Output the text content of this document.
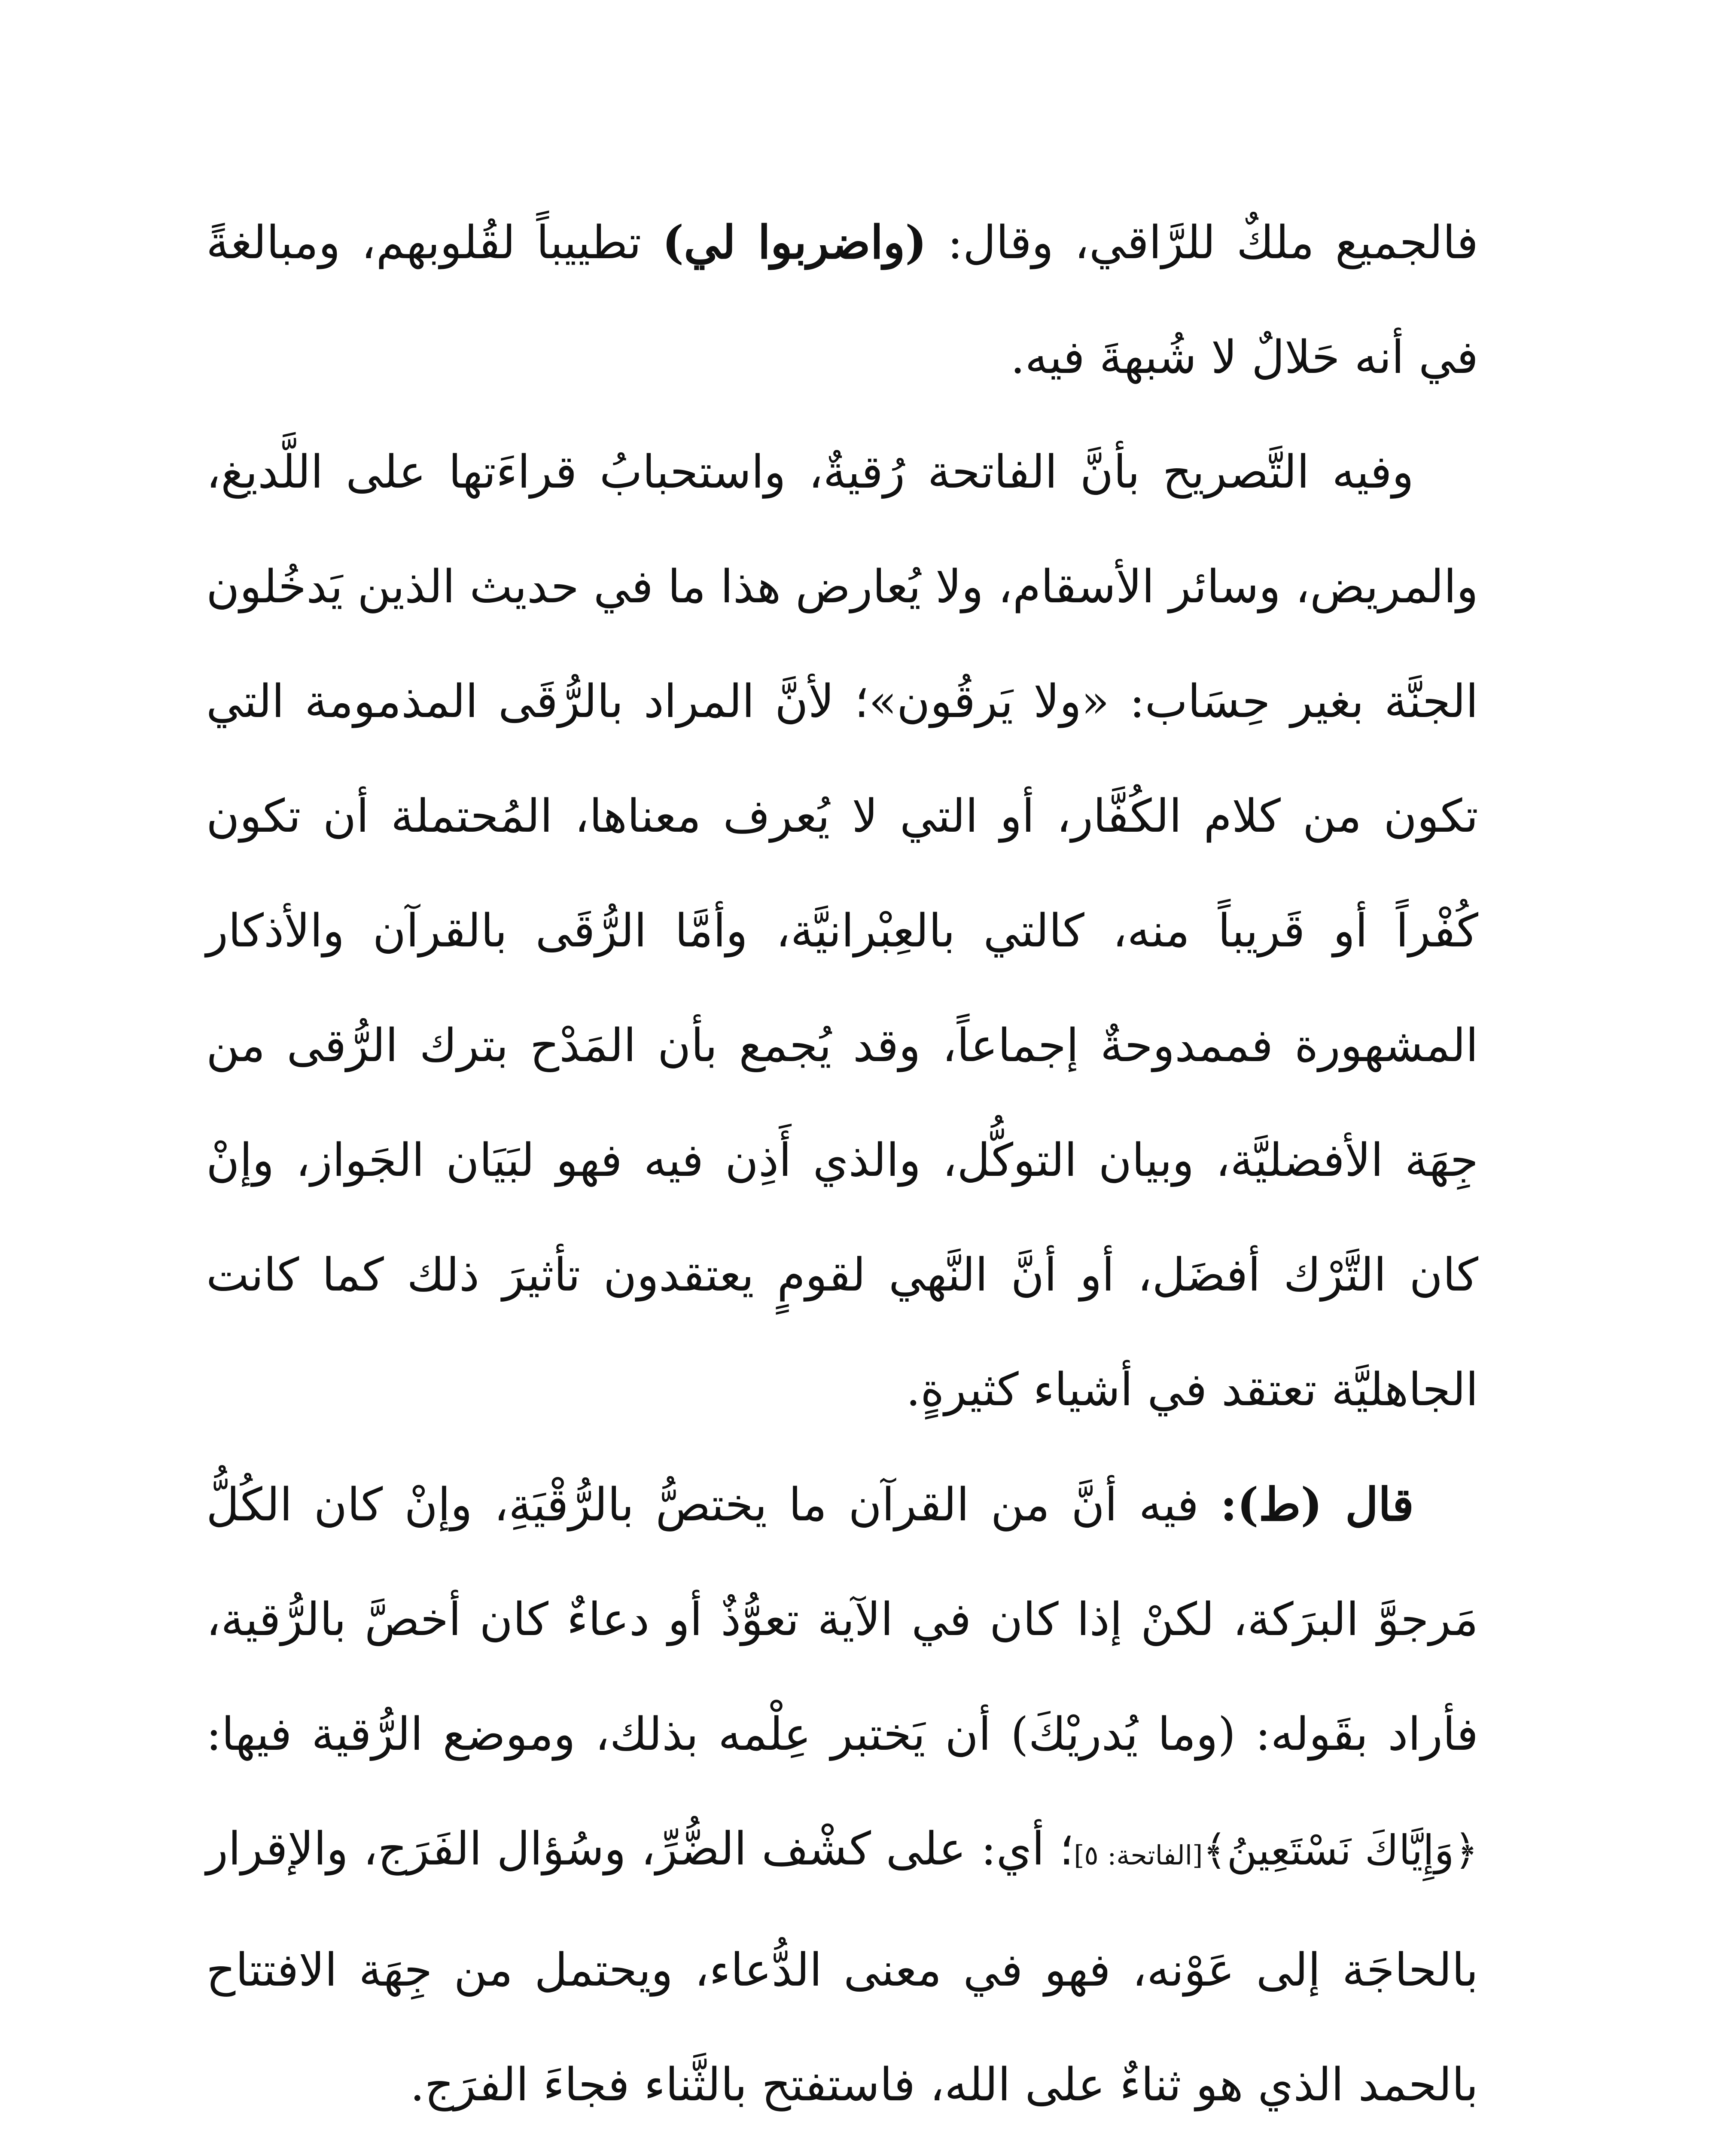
فالجميع ملكٌ للرَّاقي، وقال: (واضربوا لي) تطييباً لقُلوبهم، ومبالغةً في أنه حَلالٌ لا شُبهةَ فيه.

وفيه التَّصريح بأنَّ الفاتحة رُقيةٌ، واستحبابُ قراءَتها على اللَّديغ، والمريض، وسائر الأسقام، ولا يُعارض هذا ما في حديث الذين يَدخُلون الجنَّة بغير حِسَاب: «ولا يَرقُون»؛ لأنَّ المراد بالرُّقَى المذمومة التي تكون من كلام الكُفَّار، أو التي لا يُعرف معناها، المُحتملة أن تكون كُفْراً أو قَريباً منه، كالتي بالعِبْرانيَّة، وأمَّا الرُّقَى بالقرآن والأذكار المشهورة فممدوحةٌ إجماعاً، وقد يُجمع بأن المَدْح بترك الرُّقى من جِهَة الأفضليَّة، وبيان التوكُّل، والذي أَذِن فيه فهو لبَيَان الجَواز، وإنْ كان التَّرْك أفضَل، أو أنَّ النَّهي لقومٍ يعتقدون تأثيرَ ذلك كما كانت الجاهليَّة تعتقد في أشياء كثيرةٍ.

قال (ط): فيه أنَّ من القرآن ما يختصُّ بالرُّقْيَةِ، وإنْ كان الكُلُّ مَرجوَّ البرَكة، لكنْ إذا كان في الآية تعوُّذٌ أو دعاءٌ كان أخصَّ بالرُّقية، فأراد بقَوله: (وما يُدريْكَ) أن يَختبر عِلْمه بذلك، وموضع الرُّقية فيها: ﴿وَإِيَّاكَ نَسْتَعِينُ﴾[الفاتحة: ٥]؛ أي: على كشْف الضُّرِّ، وسُؤال الفَرَج، والإقرار بالحاجَة إلى عَوْنه، فهو في معنى الدُّعاء، ويحتمل من جِهَة الافتتاح بالحمد الذي هو ثناءٌ على الله، فاستفتح بالثَّناء فجاءَ الفرَج.
